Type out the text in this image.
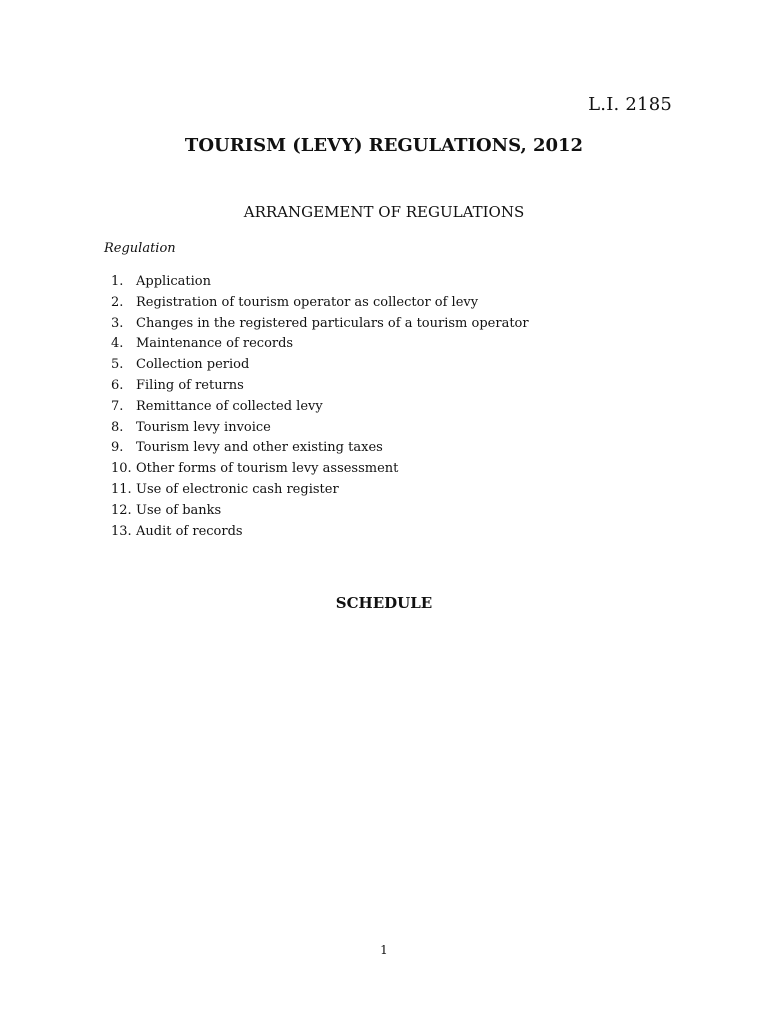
L.I. 2185
TOURISM (LEVY) REGULATIONS, 2012
ARRANGEMENT OF REGULATIONS
Regulation
1. Application
2. Registration of tourism operator as collector of levy
3. Changes in the registered particulars of a tourism operator
4. Maintenance of records
5. Collection period
6. Filing of returns
7. Remittance of collected levy
8. Tourism levy invoice
9. Tourism levy and other existing taxes
10. Other forms of tourism levy assessment
11. Use of electronic cash register
12. Use of banks
13. Audit of records
SCHEDULE
1
